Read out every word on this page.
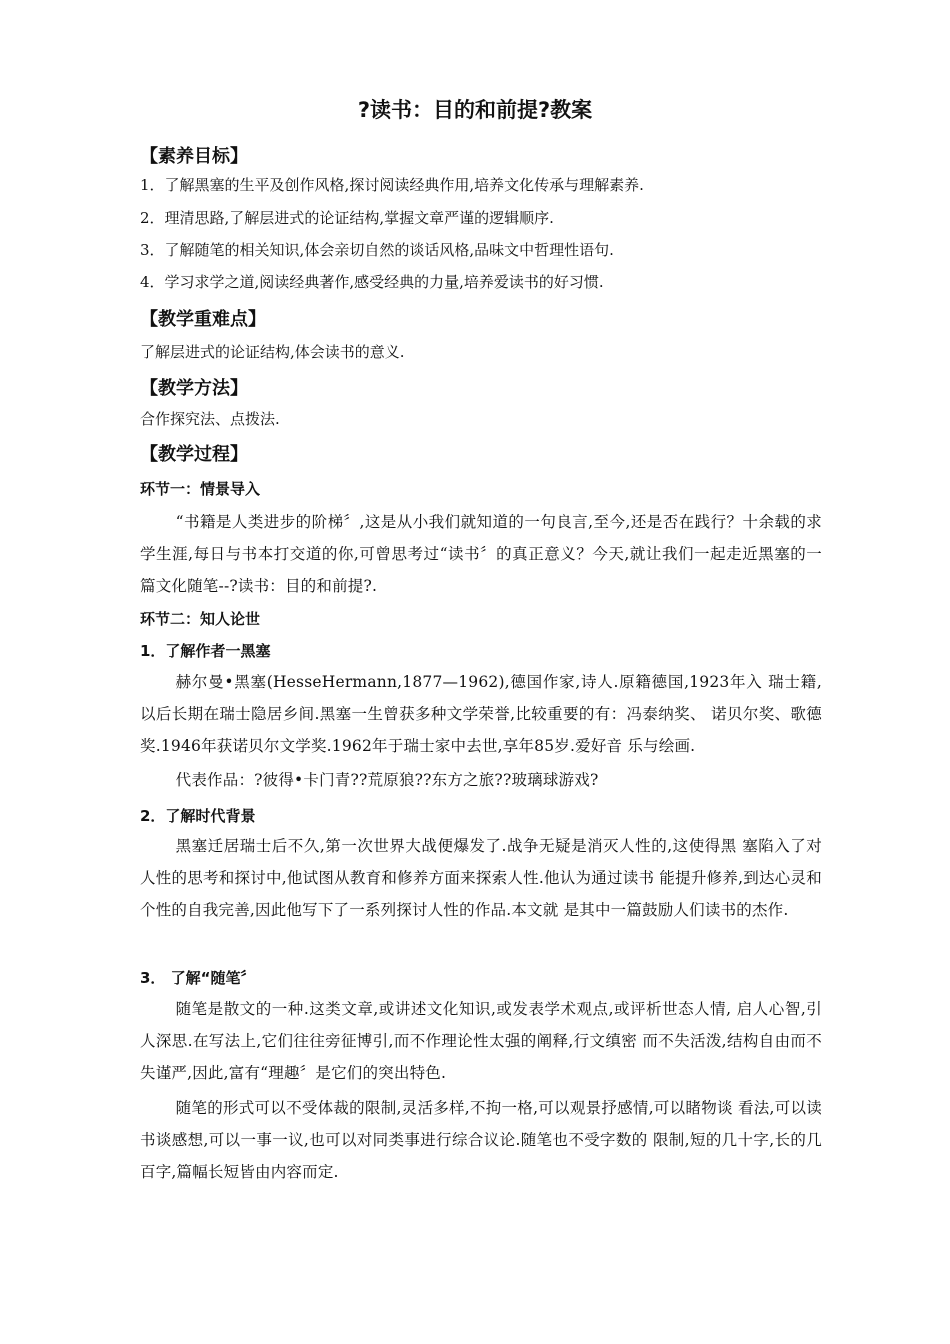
?读书：目的和前提?教案
【素养目标】
1．了解黑塞的生平及创作风格,探讨阅读经典作用,培养文化传承与理解素养.
2．理清思路,了解层进式的论证结构,掌握文章严谨的逻辑顺序.
3．了解随笔的相关知识,体会亲切自然的谈话风格,品味文中哲理性语句.
4．学习求学之道,阅读经典著作,感受经典的力量,培养爱读书的好习惯.
【教学重难点】
了解层进式的论证结构,体会读书的意义.
【教学方法】
合作探究法、点拨法.
【教学过程】
环节一：情景导入
“书籍是人类进步的阶梯〞,这是从小我们就知道的一句良言,至今,还是否在践行？十余载的求学生涯,每日与书本打交道的你,可曾思考过“读书〞的真正意义？今天,就让我们一起走近黑塞的一篇文化随笔--?读书：目的和前提?.
环节二：知人论世
1．了解作者一黑塞
赫尔曼•黑塞(HesseHermann,1877—1962),德国作家,诗人.原籍德国,1923年入 瑞士籍,以后长期在瑞士隐居乡间.黑塞一生曾获多种文学荣誉,比较重要的有：冯泰纳奖、 诺贝尔奖、歌德奖.1946年获诺贝尔文学奖.1962年于瑞士家中去世,享年85岁.爱好音 乐与绘画.
代表作品：?彼得•卡门青??荒原狼??东方之旅??玻璃球游戏?
2．了解时代背景
黑塞迁居瑞士后不久,第一次世界大战便爆发了.战争无疑是消灭人性的,这使得黑 塞陷入了对人性的思考和探讨中,他试图从教育和修养方面来探索人性.他认为通过读书 能提升修养,到达心灵和个性的自我完善,因此他写下了一系列探讨人性的作品.本文就 是其中一篇鼓励人们读书的杰作.
3． 了解“随笔〞
随笔是散文的一种.这类文章,或讲述文化知识,或发表学术观点,或评析世态人情, 启人心智,引人深思.在写法上,它们往往旁征博引,而不作理论性太强的阐释,行文缜密 而不失活泼,结构自由而不失谨严,因此,富有“理趣〞是它们的突出特色.
随笔的形式可以不受体裁的限制,灵活多样,不拘一格,可以观景抒感情,可以睹物谈 看法,可以读书谈感想,可以一事一议,也可以对同类事进行综合议论.随笔也不受字数的 限制,短的几十字,长的几百字,篇幅长短皆由内容而定.
